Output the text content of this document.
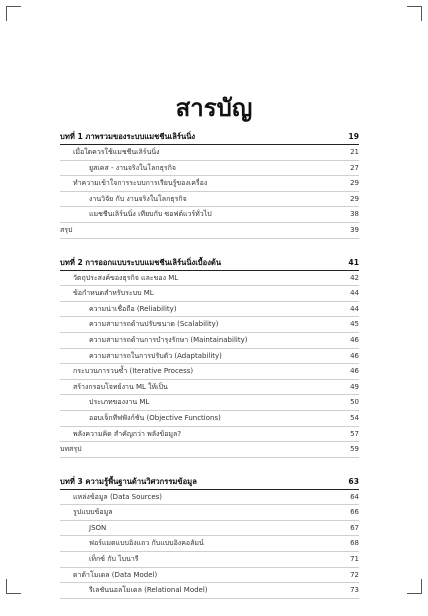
สารบัญ
บทที่ 1 ภาพรวมของระบบแมชชีนเลิร์นนิ่ง	19
เมื่อใดควรใช้แมชชีนเลิร์นนิ่ง	21
ยูสเคส - งานจริงในโลกธุรกิจ	27
ทำความเข้าใจการระบบการเรียนรู้ของเครื่อง	29
งานวิจัย กับ งานจริงในโลกธุรกิจ	29
แมชชีนเลิร์นนิ่ง เทียบกับ ซอฟต์แวร์ทั่วไป	38
สรุป	39
บทที่ 2 การออกแบบระบบแมชชีนเลิร์นนิ่งเบื้องต้น	41
วัตถุประสงค์ของธุรกิจ และของ ML	42
ข้อกำหนดสำหรับระบบ ML	44
ความน่าเชื่อถือ (Reliability)	44
ความสามารถด้านปรับขนาด (Scalability)	45
ความสามารถด้านการบำรุงรักษา (Maintainability)	46
ความสามารถในการปรับตัว (Adaptability)	46
กระบวนการวนซ้ำ (Iterative Process)	46
สร้างกรอบโจทย์งาน ML ให้เป็น	49
ประเภทของงาน ML	50
ออบเจ็กทีฟฟังก์ชัน (Objective Functions)	54
พลังความคิด สำคัญกว่า พลังข้อมูล?	57
บทสรุป	59
บทที่ 3 ความรู้พื้นฐานด้านวิศวกรรมข้อมูล	63
แหล่งข้อมูล (Data Sources)	64
รูปแบบข้อมูล	66
JSON	67
ฟอร์แมตแบบอิงแถว กับแบบอิงคอลัมน์	68
เท็กซ์ กับ ไบนารี	71
ดาต้าโมเดล (Data Model)	72
รีเลชันนอลโมเดล (Relational Model)	73
